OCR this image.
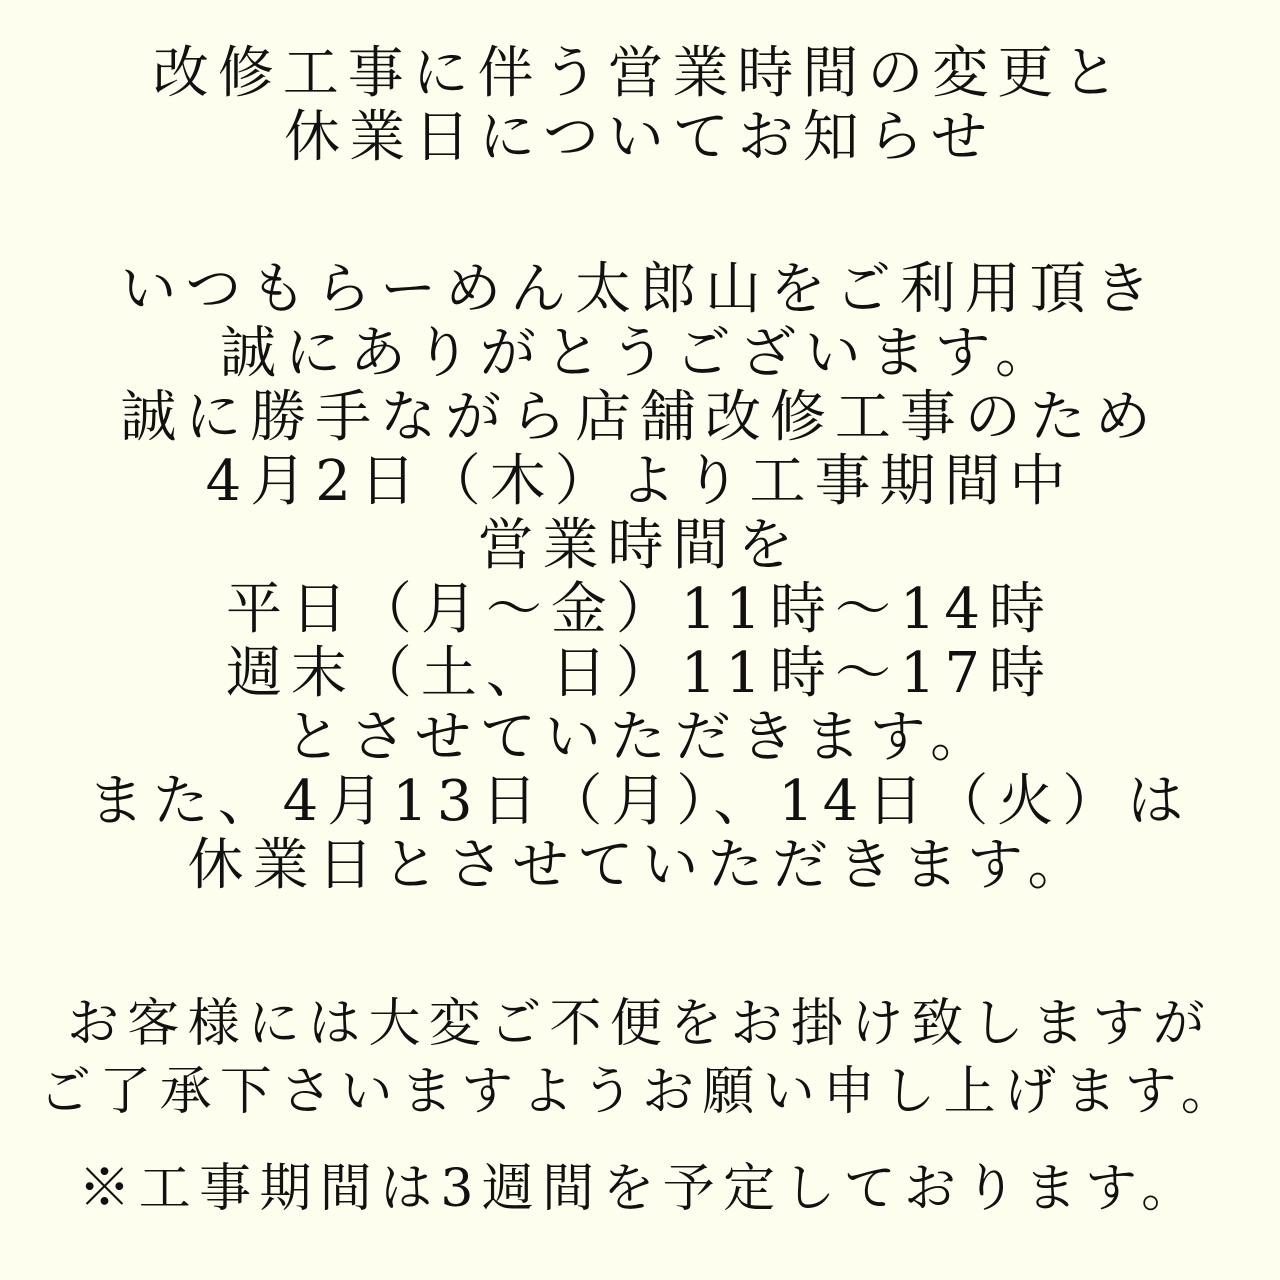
改修工事に伴う営業時間の変更と
休業日についてお知らせ
いつもらーめん太郎山をご利用頂き
誠にありがとうございます。
誠に勝手ながら店舗改修工事のため
4月2日（木）より工事期間中
営業時間を
平日（月～金）11時～14時
週末（土、日）11時～17時
とさせていただきます。
また、4月13日（月）、14日（火）は
休業日とさせていただきます。
お客様には大変ご不便をお掛け致しますが
ご了承下さいますようお願い申し上げます。
※工事期間は3週間を予定しております。
